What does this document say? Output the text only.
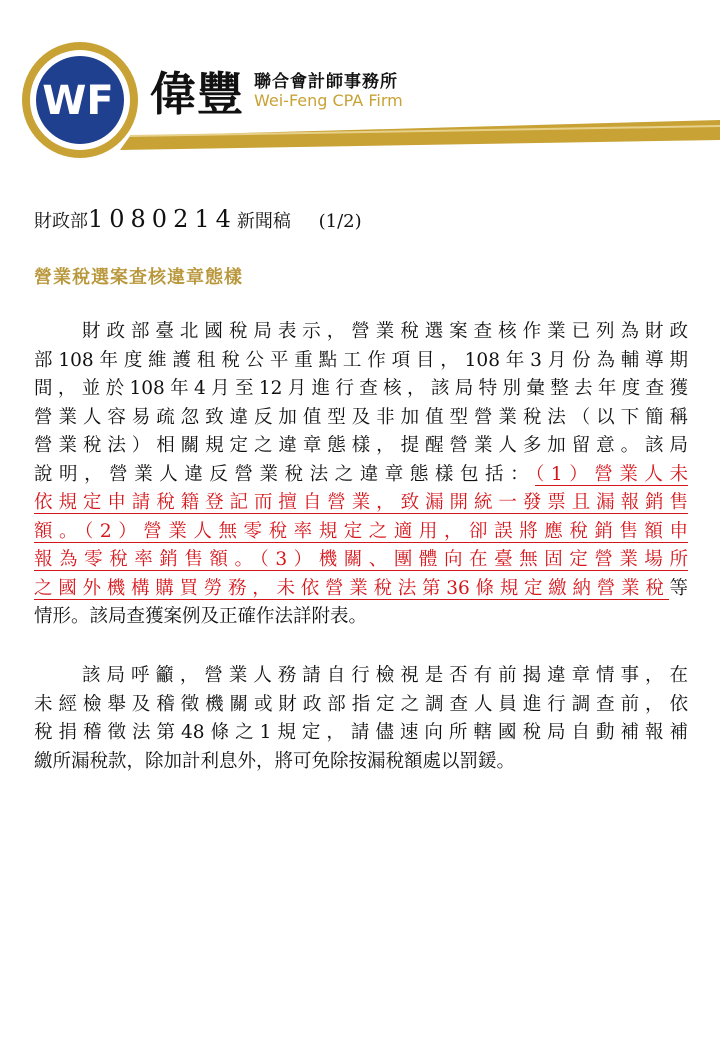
WF 偉豐 聯合會計師事務所
Wei-Feng CPA Firm
財政部1080214新聞稿 (1/2)
營業稅選案查核違章態樣
財政部臺北國稅局表示，營業稅選案查核作業已列為財政
部108年度維護租稅公平重點工作項目，108年3月份為輔導期
間，並於108年4月至12月進行查核，該局特別彙整去年度查獲
營業人容易疏忽致違反加值型及非加值型營業稅法（以下簡稱
營業稅法）相關規定之違章態樣，提醒營業人多加留意。該局
說明，營業人違反營業稅法之違章態樣包括：（1）營業人未
依規定申請稅籍登記而擅自營業，致漏開統一發票且漏報銷售
額。（2）營業人無零稅率規定之適用，卻誤將應稅銷售額申
報為零稅率銷售額。（3）機關、團體向在臺無固定營業場所
之國外機構購買勞務，未依營業稅法第36條規定繳納營業稅等
情形。該局查獲案例及正確作法詳附表。
該局呼籲，營業人務請自行檢視是否有前揭違章情事，在
未經檢舉及稽徵機關或財政部指定之調查人員進行調查前，依
稅捐稽徵法第48條之1規定，請儘速向所轄國稅局自動補報補
繳所漏稅款，除加計利息外，將可免除按漏稅額處以罰鍰。
